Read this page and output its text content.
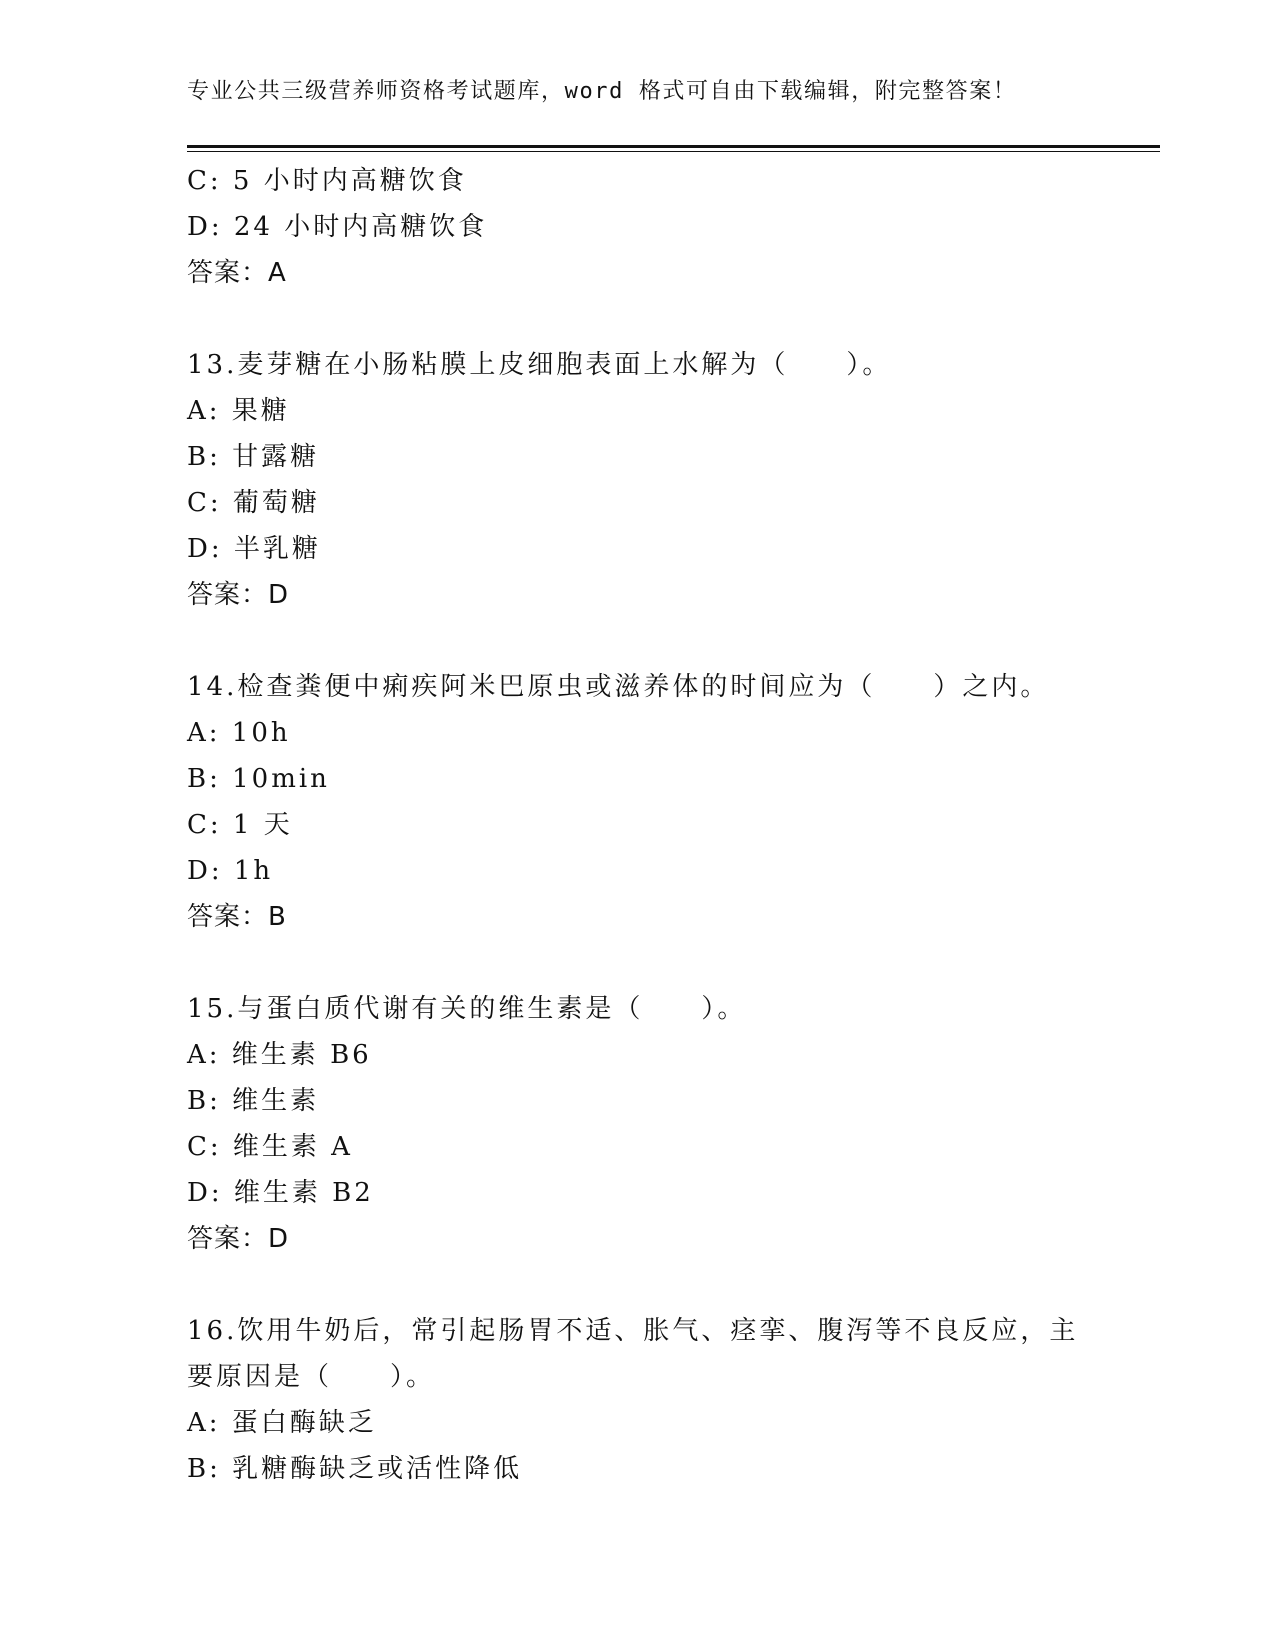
专业公共三级营养师资格考试题库，word 格式可自由下载编辑，附完整答案！
C: 5 小时内高糖饮食
D: 24 小时内高糖饮食
答案：A
13.麦芽糖在小肠粘膜上皮细胞表面上水解为（　　）。
A: 果糖
B: 甘露糖
C: 葡萄糖
D: 半乳糖
答案：D
14.检查粪便中痢疾阿米巴原虫或滋养体的时间应为（　　）之内。
A: 10h
B: 10min
C: 1 天
D: 1h
答案：B
15.与蛋白质代谢有关的维生素是（　　）。
A: 维生素 B6
B: 维生素
C: 维生素 A
D: 维生素 B2
答案：D
16.饮用牛奶后，常引起肠胃不适、胀气、痉挛、腹泻等不良反应，主
要原因是（　　）。
A: 蛋白酶缺乏
B: 乳糖酶缺乏或活性降低
